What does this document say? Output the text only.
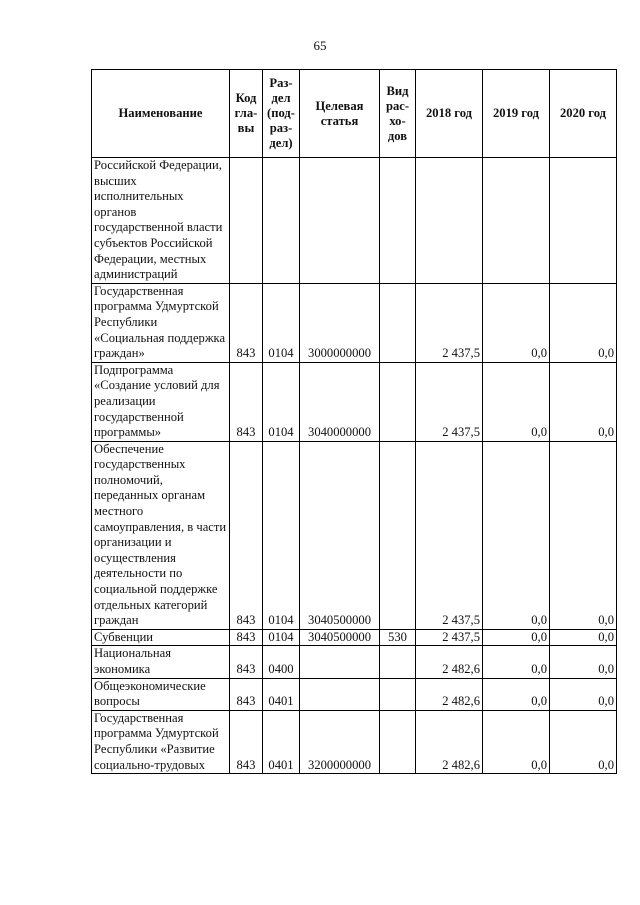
65
Наименование	Код гла- вы	Раз- дел (под- раз- дел)	Целевая статья	Вид рас- хо- дов	2018 год	2019 год	2020 год
Российской Федерации, высших исполнительных органов государственной власти субъектов Российской Федерации, местных администраций							
Государственная программа Удмуртской Республики «Социальная поддержка граждан»	843	0104	3000000000		2 437,5	0,0	0,0
Подпрограмма «Создание условий для реализации государственной программы»	843	0104	3040000000		2 437,5	0,0	0,0
Обеспечение государственных полномочий, переданных органам местного самоуправления, в части организации и осуществления деятельности по социальной поддержке отдельных категорий граждан	843	0104	3040500000		2 437,5	0,0	0,0
Субвенции	843	0104	3040500000	530	2 437,5	0,0	0,0
Национальная экономика	843	0400			2 482,6	0,0	0,0
Общеэкономические вопросы	843	0401			2 482,6	0,0	0,0
Государственная программа Удмуртской Республики «Развитие социально-трудовых	843	0401	3200000000		2 482,6	0,0	0,0
